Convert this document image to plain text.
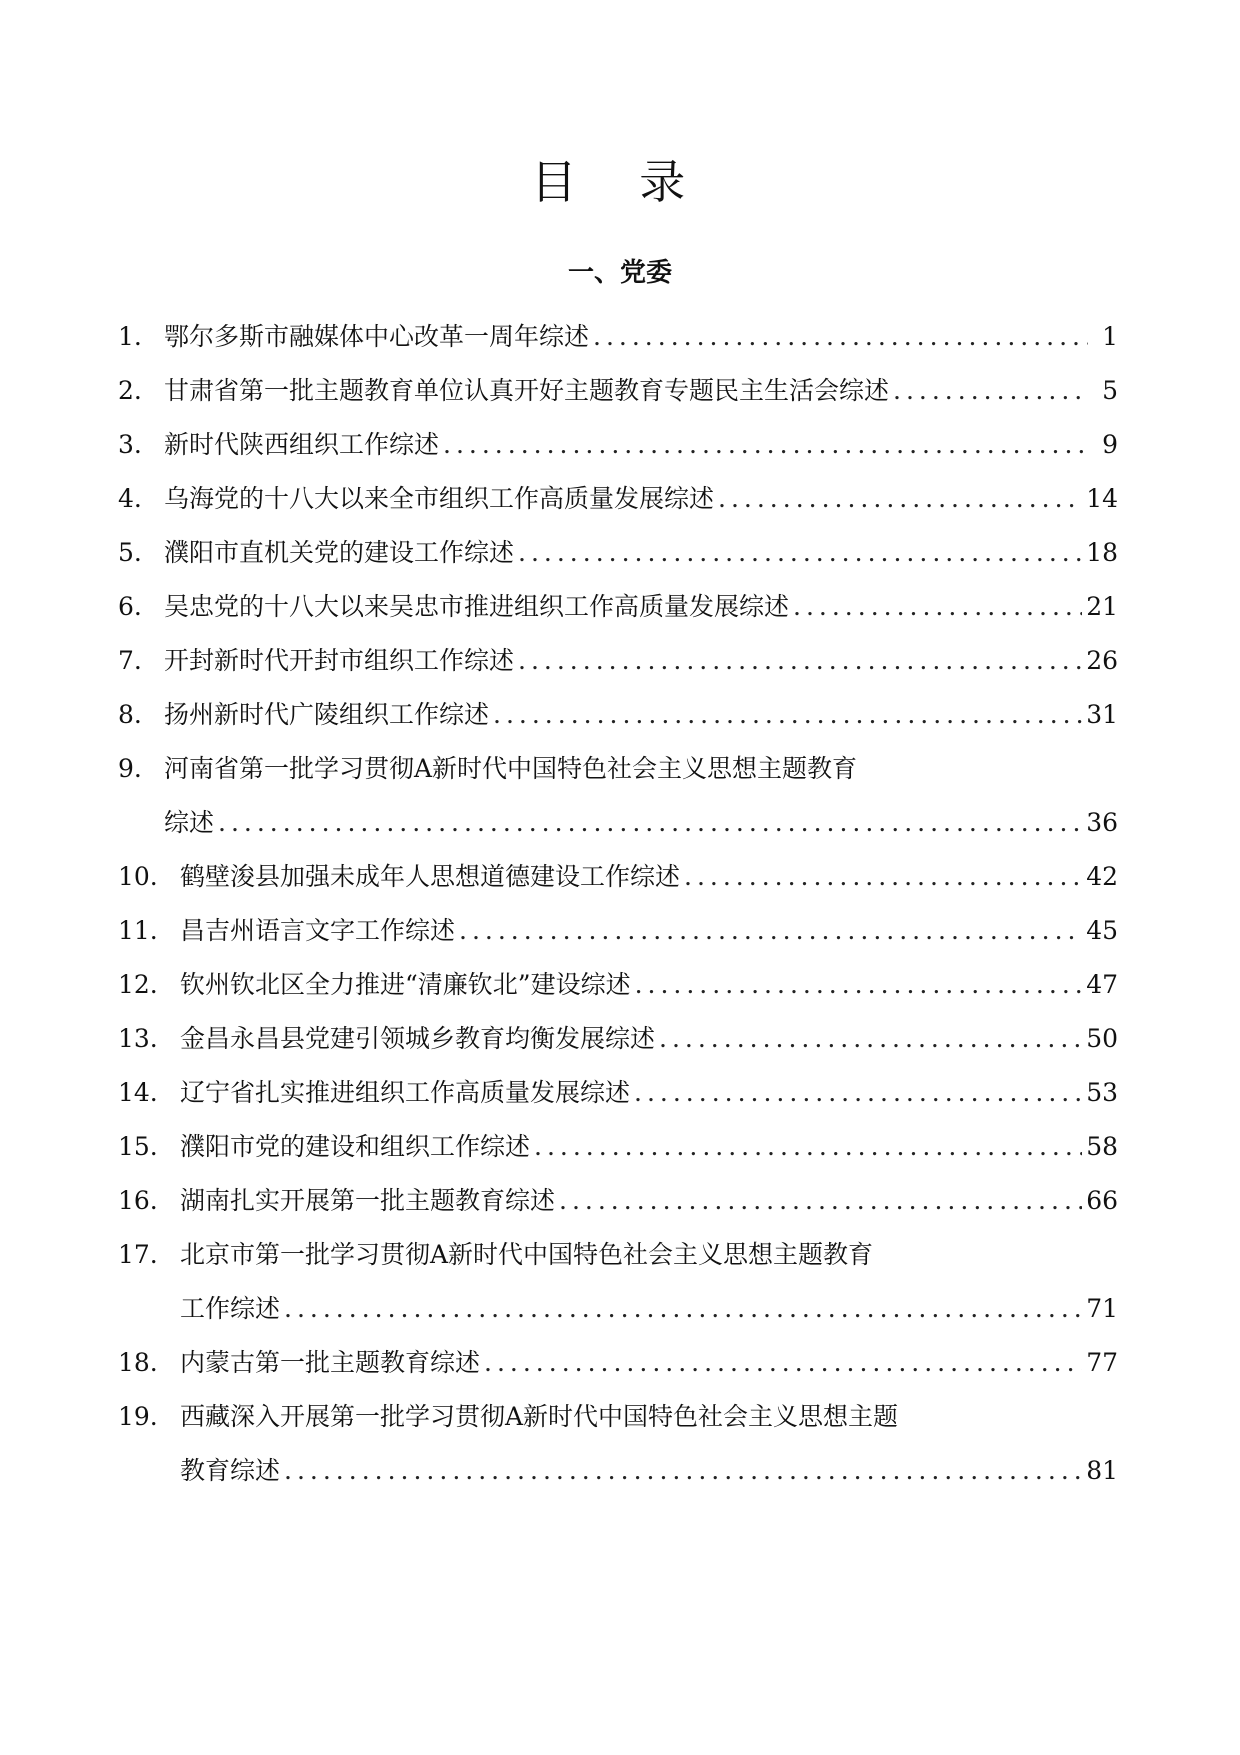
目 录
一、党委
1. 鄂尔多斯市融媒体中心改革一周年综述 .....	1
2. 甘肃省第一批主题教育单位认真开好主题教育专题民主生活会综述 .....	5
3. 新时代陕西组织工作综述 .....	9
4. 乌海党的十八大以来全市组织工作高质量发展综述 .....	14
5. 濮阳市直机关党的建设工作综述 .....	18
6. 吴忠党的十八大以来吴忠市推进组织工作高质量发展综述 .....	21
7. 开封新时代开封市组织工作综述 .....	26
8. 扬州新时代广陵组织工作综述 .....	31
9. 河南省第一批学习贯彻A新时代中国特色社会主义思想主题教育
综述 .....	36
10. 鹤壁浚县加强未成年人思想道德建设工作综述 .....	42
11. 昌吉州语言文字工作综述 .....	45
12. 钦州钦北区全力推进“清廉钦北”建设综述 .....	47
13. 金昌永昌县党建引领城乡教育均衡发展综述 .....	50
14. 辽宁省扎实推进组织工作高质量发展综述 .....	53
15. 濮阳市党的建设和组织工作综述 .....	58
16. 湖南扎实开展第一批主题教育综述 .....	66
17. 北京市第一批学习贯彻A新时代中国特色社会主义思想主题教育
工作综述 .....	71
18. 内蒙古第一批主题教育综述 .....	77
19. 西藏深入开展第一批学习贯彻A新时代中国特色社会主义思想主题
教育综述 .....	81
